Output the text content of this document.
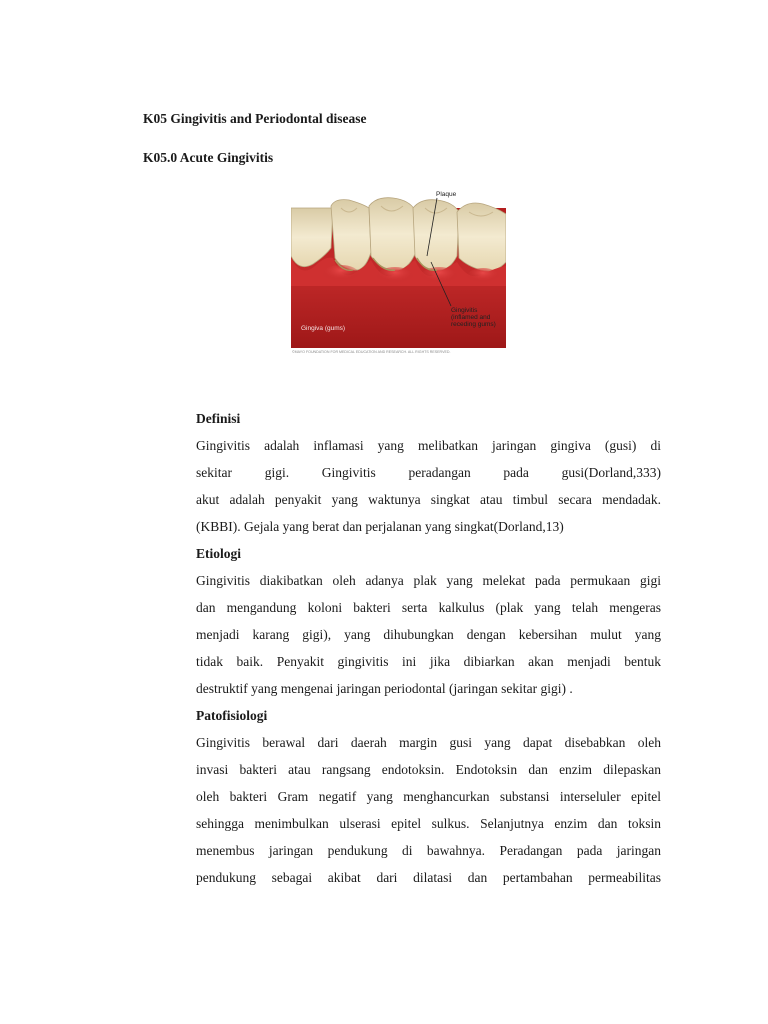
K05 Gingivitis and Periodontal disease
K05.0 Acute Gingivitis
Plaque
Gingivitis
(inflamed and
receding gums)
Gingiva (gums)
©MAYO FOUNDATION FOR MEDICAL EDUCATION AND RESEARCH. ALL RIGHTS RESERVED.

Definisi

Gingivitis adalah inflamasi yang melibatkan jaringan gingiva (gusi) di
sekitar gigi. Gingivitis peradangan pada gusi(Dorland,333)
akut adalah penyakit yang waktunya singkat atau timbul secara mendadak.
(KBBI). Gejala yang berat dan perjalanan yang singkat(Dorland,13)

Etiologi

Gingivitis diakibatkan oleh adanya plak yang melekat pada permukaan gigi
dan mengandung koloni bakteri serta kalkulus (plak yang telah mengeras
menjadi karang gigi), yang dihubungkan dengan kebersihan mulut yang
tidak baik. Penyakit gingivitis ini jika dibiarkan akan menjadi bentuk
destruktif yang mengenai jaringan periodontal (jaringan sekitar gigi) .

Patofisiologi

Gingivitis berawal dari daerah margin gusi yang dapat disebabkan oleh
invasi bakteri atau rangsang endotoksin. Endotoksin dan enzim dilepaskan
oleh bakteri Gram negatif yang menghancurkan substansi interseluler epitel
sehingga menimbulkan ulserasi epitel sulkus. Selanjutnya enzim dan toksin
menembus jaringan pendukung di bawahnya. Peradangan pada jaringan
pendukung sebagai akibat dari dilatasi dan pertambahan permeabilitas
